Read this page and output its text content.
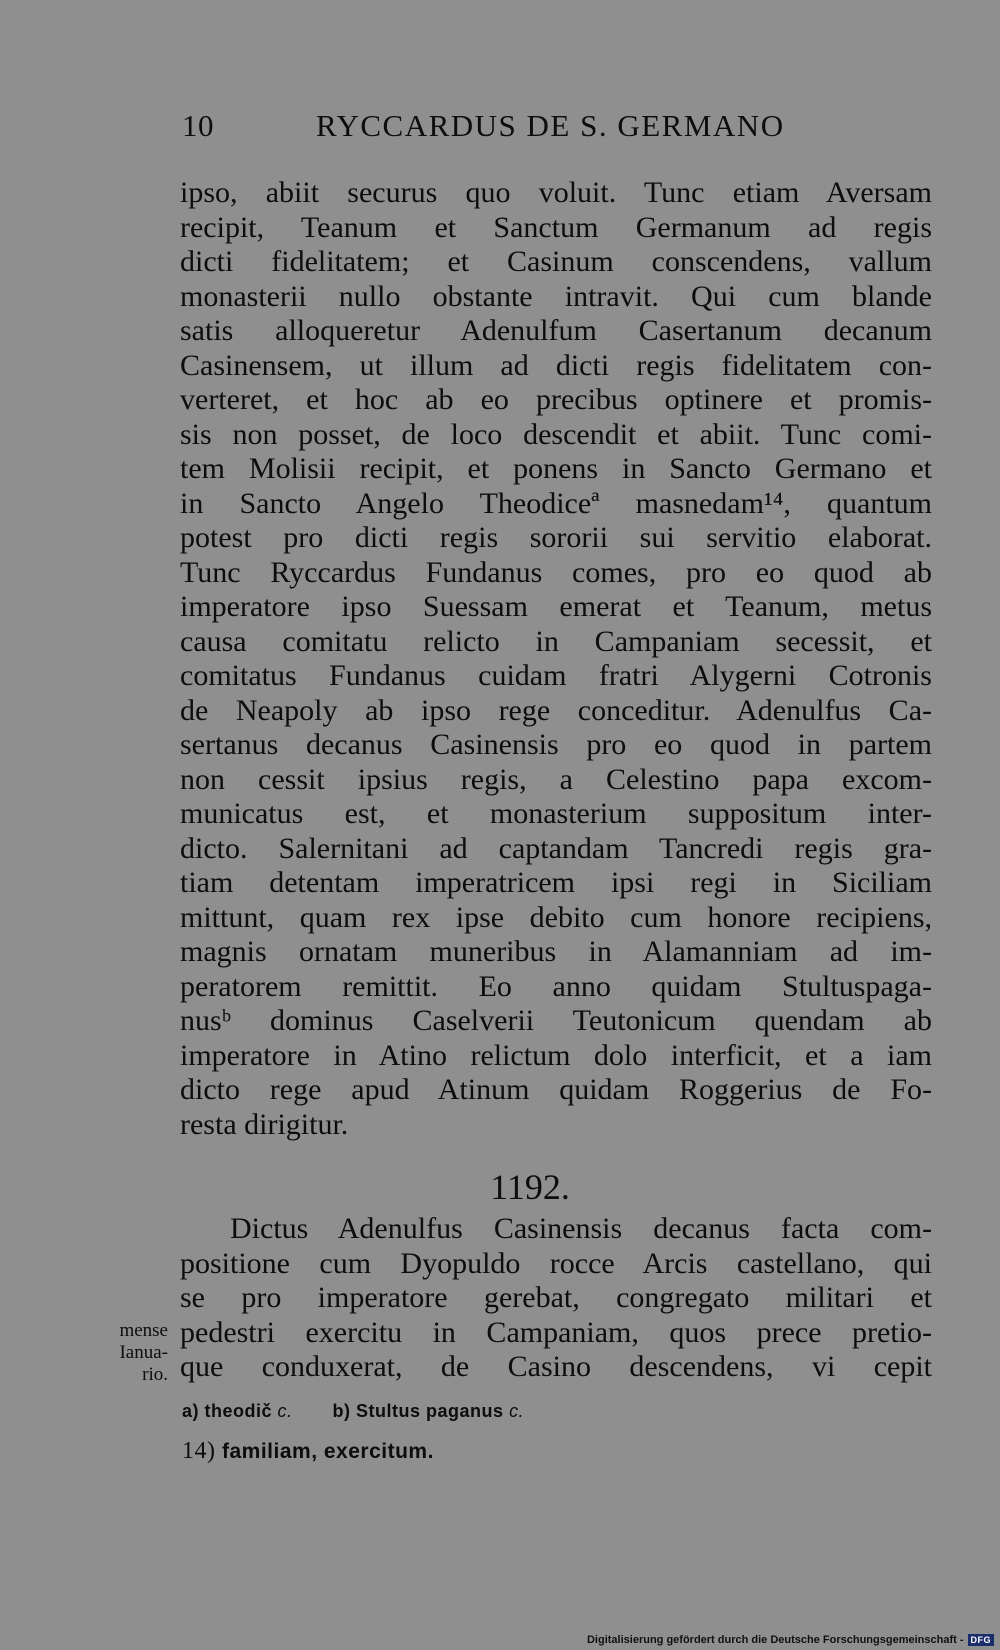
10	RYCCARDUS DE S. GERMANO
ipso, abiit securus quo voluit. Tunc etiam Aversam
recipit, Teanum et Sanctum Germanum ad regis
dicti fidelitatem; et Casinum conscendens, vallum
monasterii nullo obstante intravit. Qui cum blande
satis alloqueretur Adenulfum Casertanum decanum
Casinensem, ut illum ad dicti regis fidelitatem con-
verteret, et hoc ab eo precibus optinere et promis-
sis non posset, de loco descendit et abiit. Tunc comi-
tem Molisii recipit, et ponens in Sancto Germano et
in Sancto Angelo Theodiceª masnedam¹⁴, quantum
potest pro dicti regis sororii sui servitio elaborat.
Tunc Ryccardus Fundanus comes, pro eo quod ab
imperatore ipso Suessam emerat et Teanum, metus
causa comitatu relicto in Campaniam secessit, et
comitatus Fundanus cuidam fratri Alygerni Cotronis
de Neapoly ab ipso rege conceditur. Adenulfus Ca-
sertanus decanus Casinensis pro eo quod in partem
non cessit ipsius regis, a Celestino papa excom-
municatus est, et monasterium suppositum inter-
dicto. Salernitani ad captandam Tancredi regis gra-
tiam detentam imperatricem ipsi regi in Siciliam
mittunt, quam rex ipse debito cum honore recipiens,
magnis ornatam muneribus in Alamanniam ad im-
peratorem remittit. Eo anno quidam Stultuspaga-
nusᵇ dominus Caselverii Teutonicum quendam ab
imperatore in Atino relictum dolo interficit, et a iam
dicto rege apud Atinum quidam Roggerius de Fo-
resta dirigitur.
1192.
Dictus Adenulfus Casinensis decanus facta com-
positione cum Dyopuldo rocce Arcis castellano, qui
se pro imperatore gerebat, congregato militari et
pedestri exercitu in Campaniam, quos prece pretio-
que conduxerat, de Casino descendens, vi cepit
mense
Ianua-
rio.
a) theodič c. b) Stultus paganus c.
14) familiam, exercitum.
Digitalisierung gefördert durch die Deutsche Forschungsgemeinschaft - DFG
